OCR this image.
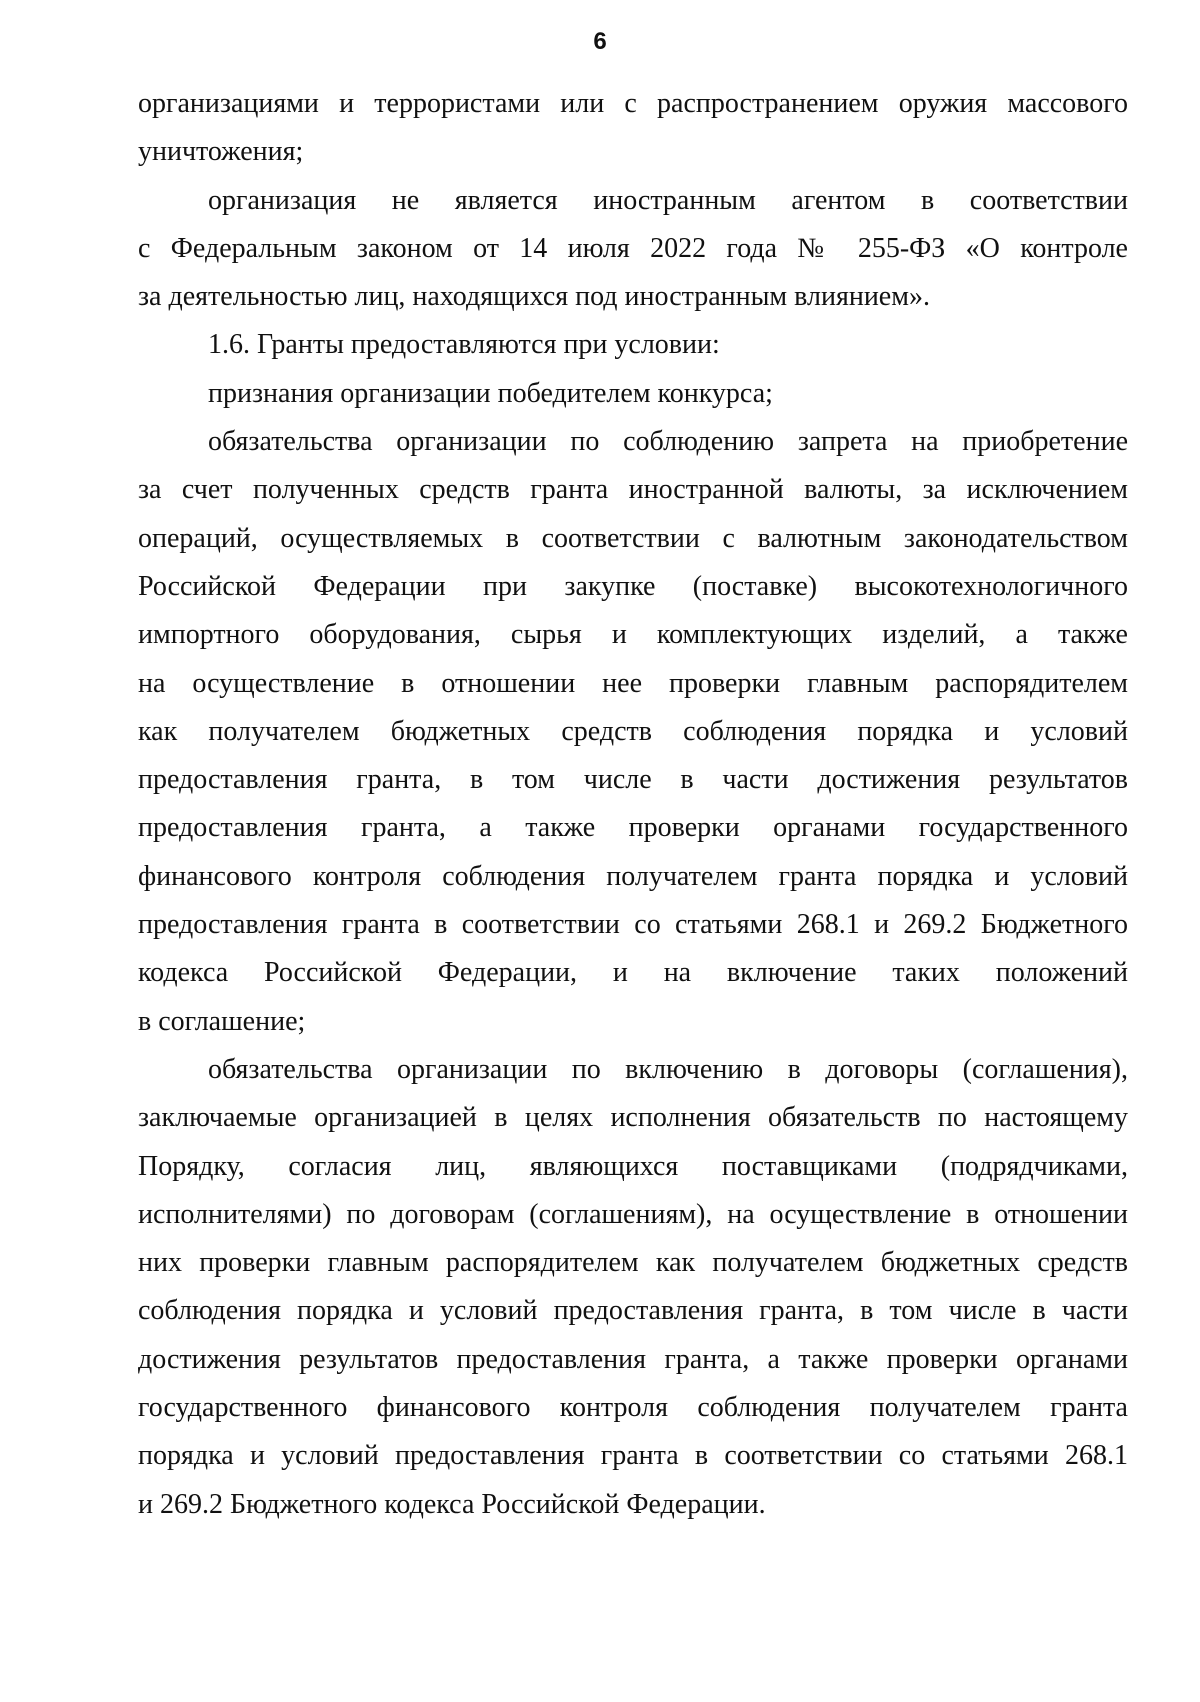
6
организациями и террористами или с распространением оружия массового
уничтожения;
организация не является иностранным агентом в соответствии
с Федеральным законом от 14 июля 2022 года № 255-ФЗ «О контроле
за деятельностью лиц, находящихся под иностранным влиянием».
1.6. Гранты предоставляются при условии:
признания организации победителем конкурса;
обязательства организации по соблюдению запрета на приобретение
за счет полученных средств гранта иностранной валюты, за исключением
операций, осуществляемых в соответствии с валютным законодательством
Российской Федерации при закупке (поставке) высокотехнологичного
импортного оборудования, сырья и комплектующих изделий, а также
на осуществление в отношении нее проверки главным распорядителем
как получателем бюджетных средств соблюдения порядка и условий
предоставления гранта, в том числе в части достижения результатов
предоставления гранта, а также проверки органами государственного
финансового контроля соблюдения получателем гранта порядка и условий
предоставления гранта в соответствии со статьями 268.1 и 269.2 Бюджетного
кодекса Российской Федерации, и на включение таких положений
в соглашение;
обязательства организации по включению в договоры (соглашения),
заключаемые организацией в целях исполнения обязательств по настоящему
Порядку, согласия лиц, являющихся поставщиками (подрядчиками,
исполнителями) по договорам (соглашениям), на осуществление в отношении
них проверки главным распорядителем как получателем бюджетных средств
соблюдения порядка и условий предоставления гранта, в том числе в части
достижения результатов предоставления гранта, а также проверки органами
государственного финансового контроля соблюдения получателем гранта
порядка и условий предоставления гранта в соответствии со статьями 268.1
и 269.2 Бюджетного кодекса Российской Федерации.
